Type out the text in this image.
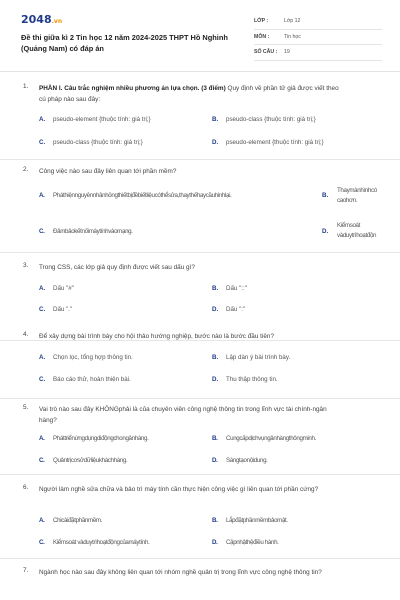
2048.vn
Đề thi giữa kì 2 Tin học 12 năm 2024-2025 THPT Hồ Nghinh (Quảng Nam) có đáp án
LỚP :	Lớp 12
MÔN :	Tin học
SỐ CÂU : 19
1. PHẦN I. Câu trắc nghiệm nhiều phương án lựa chọn. (3 điểm) Quy định về phần tử giả được viết theo cú pháp nào sau đây:
A. pseudo-element {thuộc tính: giá trị;}	B. pseudo-class {thuộc tính: giá trị;}
C. pseudo-class {thuộc tính: giá trị;}	D. pseudo-element {thuộc tính: giá trị;}
2. Công việc nào sau đây liên quan tới phần mềm?
A. Pháthiệnnguyênnhânhỏngthiếtbịđềbiếtliệucóthểsửa,thaythếhaycầuhinhlại.	B.
Thaymànhìnhcó caohơn.
C. Đảmbảokếtnốimáytínhvàomạng.	D.
Kiểmsoát vàduytrìhoạtđộn
3. Trong CSS, các lớp giả quy định được viết sau dấu gì?
A. Dấu "#"	B. Dấu "::"
C. Dấu "."	D. Dấu ":"
4. Để xây dựng bài trình bày cho hội thảo hướng nghiệp, bước nào là bước đầu tiên?
A. Chọn lọc, tổng hợp thông tin.	B. Lập dàn ý bài trình bày.
C. Báo cáo thử, hoàn thiện bài.	D. Thu thập thông tin.
5. Vai trò nào sau đây KHÔNGphải là của chuyên viên công nghệ thông tin trong lĩnh vực tài chính-ngân hàng?
A. Pháttriểnứngdụngdiđộngchongânhàng.	B. Cungcấpdịchvụngânhàngthôngminh.
C. Quảntrịcơsởdữliệukháchhàng.	D. Sángtạonộidung.
6. Người làm nghề sửa chữa và bảo trì máy tính cần thực hiện công việc gì liên quan tới phần cứng?
A. Chicàiđặtphầnmềm.	B. Lắpđặtphầnmềmbảomật.
C. Kiểmsoát vàduytrìhoạtđộngcủamáytính.	D. Cậpnhậthệđiều hành.
7. Ngành học nào sau đây không liên quan tới nhóm nghề quản trị trong lĩnh vực công nghệ thông tin?
